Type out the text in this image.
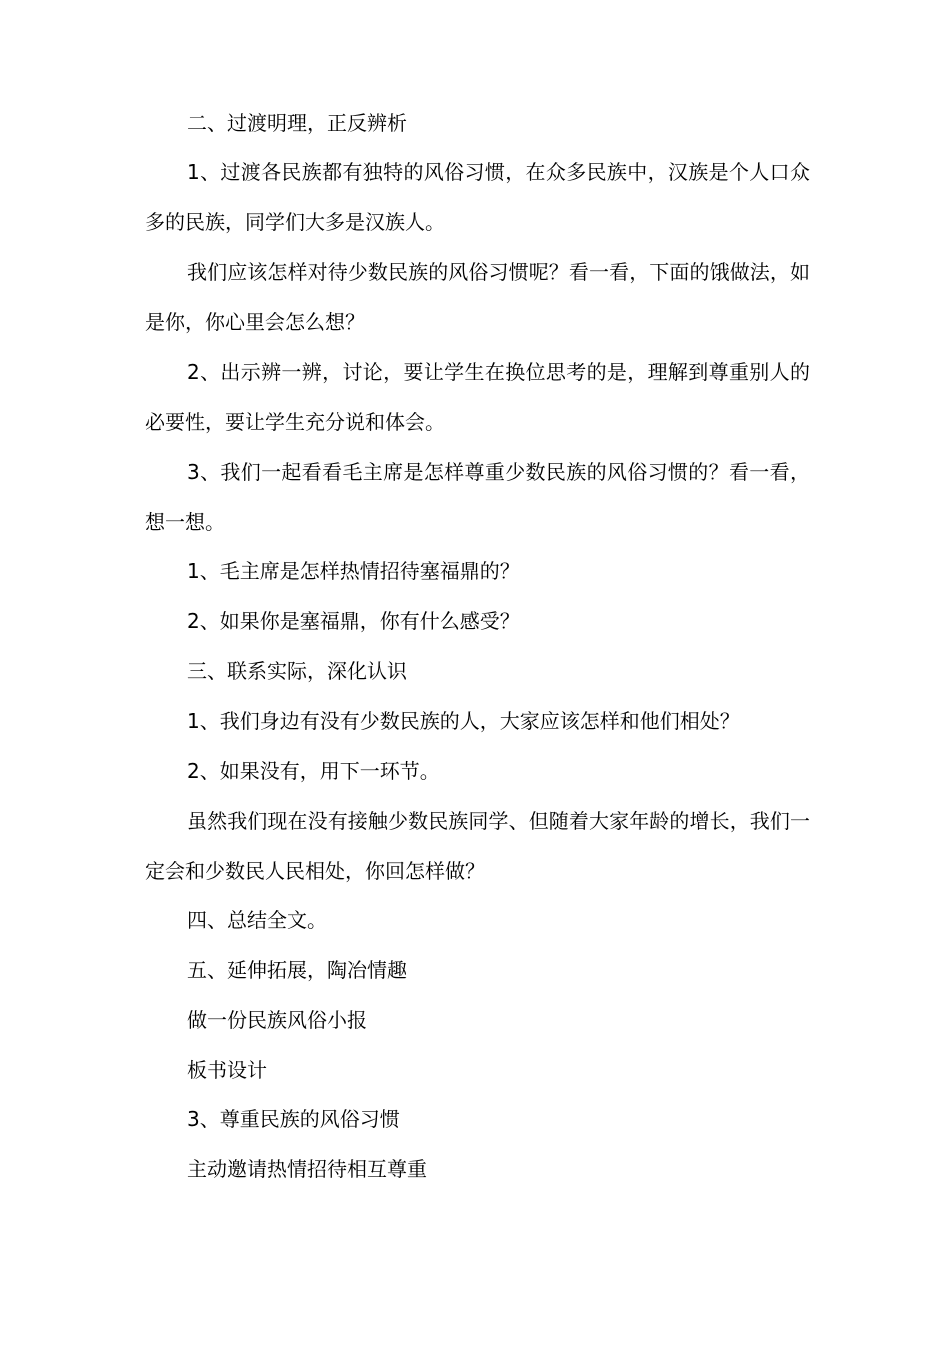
二、过渡明理，正反辨析

1、过渡各民族都有独特的风俗习惯，在众多民族中，汉族是个人口众多的民族，同学们大多是汉族人。

我们应该怎样对待少数民族的风俗习惯呢？看一看，下面的饿做法，如是你，你心里会怎么想？

2、出示辨一辨，讨论，要让学生在换位思考的是，理解到尊重别人的必要性，要让学生充分说和体会。

3、我们一起看看毛主席是怎样尊重少数民族的风俗习惯的？看一看，想一想。

1、毛主席是怎样热情招待塞福鼎的？

2、如果你是塞福鼎，你有什么感受？

三、联系实际，深化认识

1、我们身边有没有少数民族的人，大家应该怎样和他们相处？

2、如果没有，用下一环节。

虽然我们现在没有接触少数民族同学、但随着大家年龄的增长，我们一定会和少数民人民相处，你回怎样做？

四、总结全文。

五、延伸拓展，陶冶情趣

做一份民族风俗小报

板书设计

3、尊重民族的风俗习惯

主动邀请热情招待相互尊重
